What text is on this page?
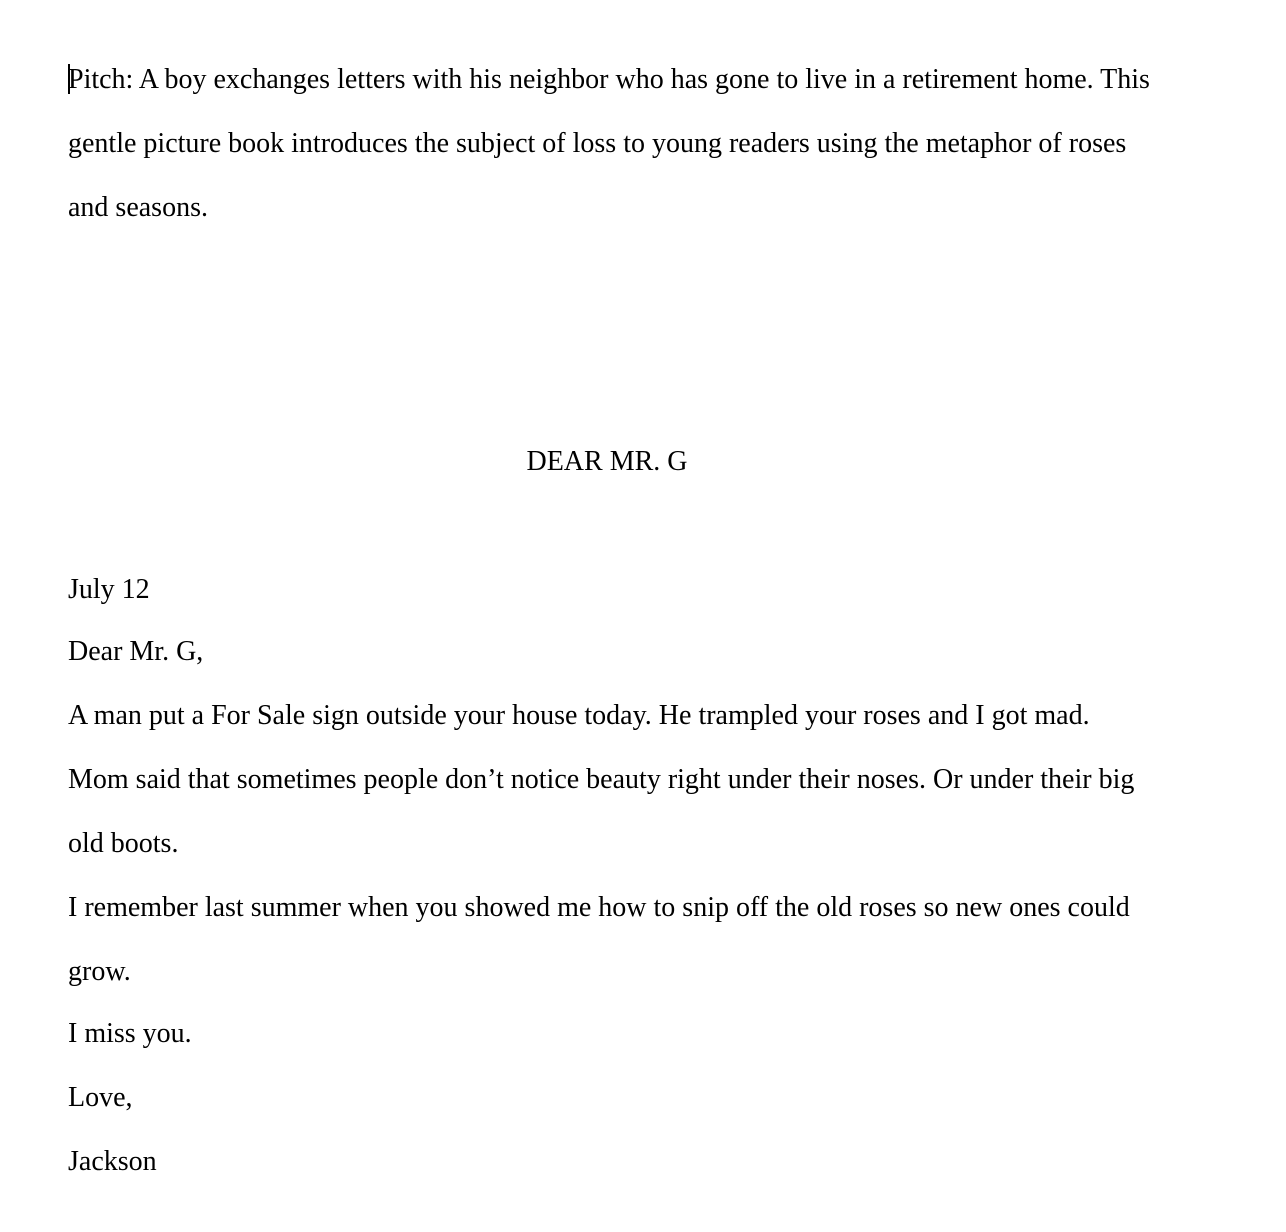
Pitch: A boy exchanges letters with his neighbor who has gone to live in a retirement home. This
gentle picture book introduces the subject of loss to young readers using the metaphor of roses
and seasons.
DEAR MR. G
July 12
Dear Mr. G,
A man put a For Sale sign outside your house today. He trampled your roses and I got mad.
Mom said that sometimes people don’t notice beauty right under their noses. Or under their big
old boots.
I remember last summer when you showed me how to snip off the old roses so new ones could
grow.
I miss you.
Love,
Jackson
